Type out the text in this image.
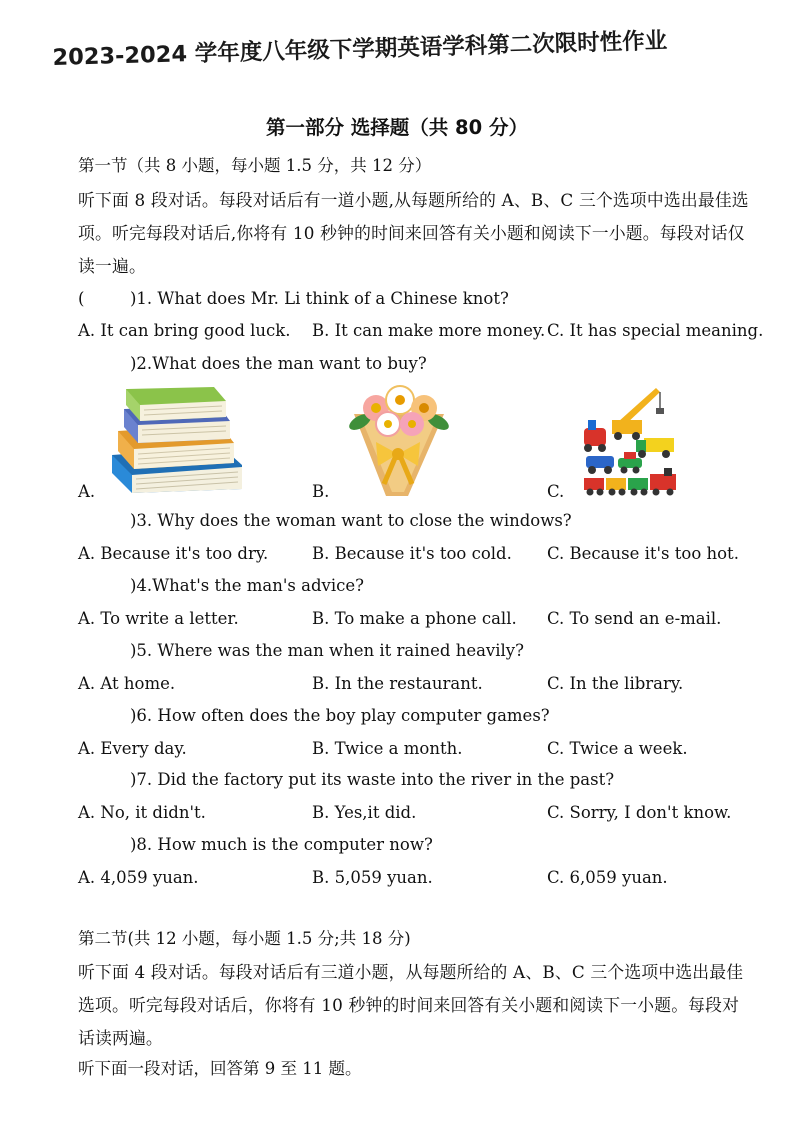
2023-2024 学年度八年级下学期英语学科第二次限时性作业
第一部分 选择题（共 80 分）
第一节（共 8 小题，每小题 1.5 分，共 12 分）
听下面 8 段对话。每段对话后有一道小题,从每题所给的 A、B、C 三个选项中选出最佳选项。听完每段对话后,你将有 10 秒钟的时间来回答有关小题和阅读下一小题。每段对话仅读一遍。
(	)1. What does Mr. Li think of a Chinese knot?
A. It can bring good luck. B. It can make more money. C. It has special meaning.
)2.What does the man want to buy?
A.	B.	C.
)3. Why does the woman want to close the windows?
A. Because it's too dry.	B. Because it's too cold. C. Because it's too hot.
)4.What's the man's advice?
A. To write a letter.	B. To make a phone call. C. To send an e-mail.
)5. Where was the man when it rained heavily?
A. At home.	B. In the restaurant.	C. In the library.
)6. How often does the boy play computer games?
A. Every day.	B. Twice a month.	C. Twice a week.
)7. Did the factory put its waste into the river in the past?
A. No, it didn't.	B. Yes,it did.	C. Sorry, I don't know.
)8. How much is the computer now?
A. 4,059 yuan.	B. 5,059 yuan.	C. 6,059 yuan.
第二节(共 12 小题，每小题 1.5 分;共 18 分)
听下面 4 段对话。每段对话后有三道小题，从每题所给的 A、B、C 三个选项中选出最佳选项。听完每段对话后，你将有 10 秒钟的时间来回答有关小题和阅读下一小题。每段对话读两遍。
听下面一段对话，回答第 9 至 11 题。
